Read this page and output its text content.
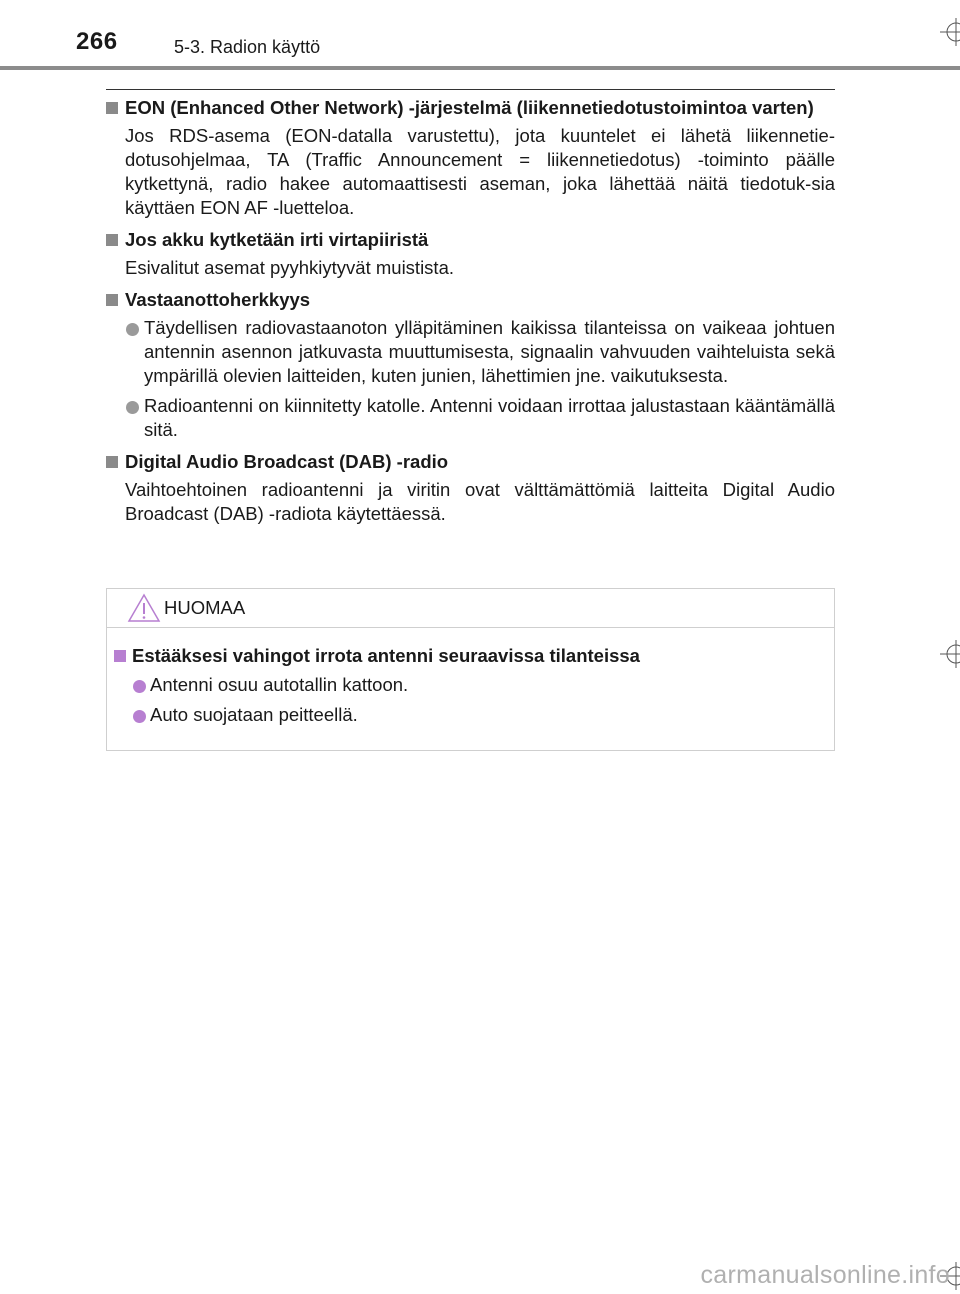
266	5-3. Radion käyttö
EON (Enhanced Other Network) -järjestelmä (liikennetiedotustoimintoa varten)
Jos RDS-asema (EON-datalla varustettu), jota kuuntelet ei lähetä liikennetie-dotusohjelmaa, TA (Traffic Announcement = liikennetiedotus) -toiminto päälle kytkettynä, radio hakee automaattisesti aseman, joka lähettää näitä tiedotuk-sia käyttäen EON AF -luetteloa.
Jos akku kytketään irti virtapiiristä
Esivalitut asemat pyyhkiytyvät muistista.
Vastaanottoherkkyys
Täydellisen radiovastaanoton ylläpitäminen kaikissa tilanteissa on vaikeaa johtuen antennin asennon jatkuvasta muuttumisesta, signaalin vahvuuden vaihteluista sekä ympärillä olevien laitteiden, kuten junien, lähettimien jne. vaikutuksesta.
Radioantenni on kiinnitetty katolle. Antenni voidaan irrottaa jalustastaan kääntämällä sitä.
Digital Audio Broadcast (DAB) -radio
Vaihtoehtoinen radioantenni ja viritin ovat välttämättömiä laitteita Digital Audio Broadcast (DAB) -radiota käytettäessä.
HUOMAA
Estääksesi vahingot irrota antenni seuraavissa tilanteissa
Antenni osuu autotallin kattoon.
Auto suojataan peitteellä.
carmanualsonline.info
